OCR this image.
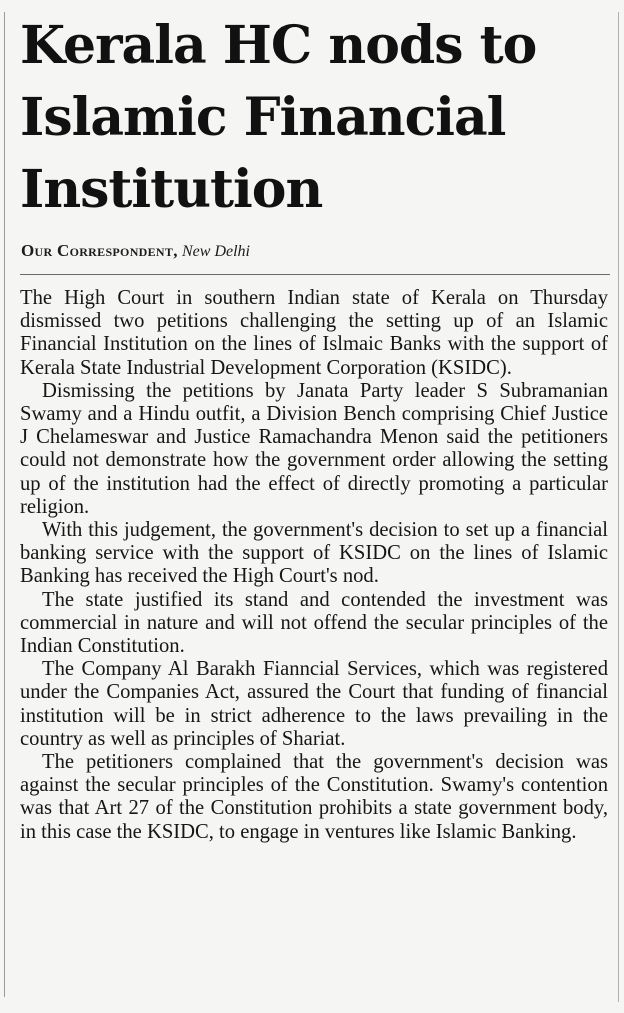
Kerala HC nods to Islamic Financial Institution
Our Correspondent, New Delhi

The High Court in southern Indian state of Kerala on Thursday dismissed two petitions challenging the setting up of an Islamic Financial Institution on the lines of Islmaic Banks with the support of Kerala State Industrial Development Corporation (KSIDC).

Dismissing the petitions by Janata Party leader S Subramanian Swamy and a Hindu outfit, a Division Bench comprising Chief Justice J Chelameswar and Justice Ramachandra Menon said the petitioners could not demonstrate how the government order allowing the setting up of the institution had the effect of directly promoting a particular religion.

With this judgement, the government's decision to set up a financial banking service with the support of KSIDC on the lines of Islamic Banking has received the High Court's nod.

The state justified its stand and contended the investment was commercial in nature and will not offend the secular principles of the Indian Constitution.

The Company Al Barakh Fianncial Services, which was registered under the Companies Act, assured the Court that funding of financial institution will be in strict adherence to the laws prevailing in the country as well as principles of Shariat.

The petitioners complained that the government's decision was against the secular principles of the Constitution. Swamy's contention was that Art 27 of the Constitution prohibits a state government body, in this case the KSIDC, to engage in ventures like Islamic Banking.
